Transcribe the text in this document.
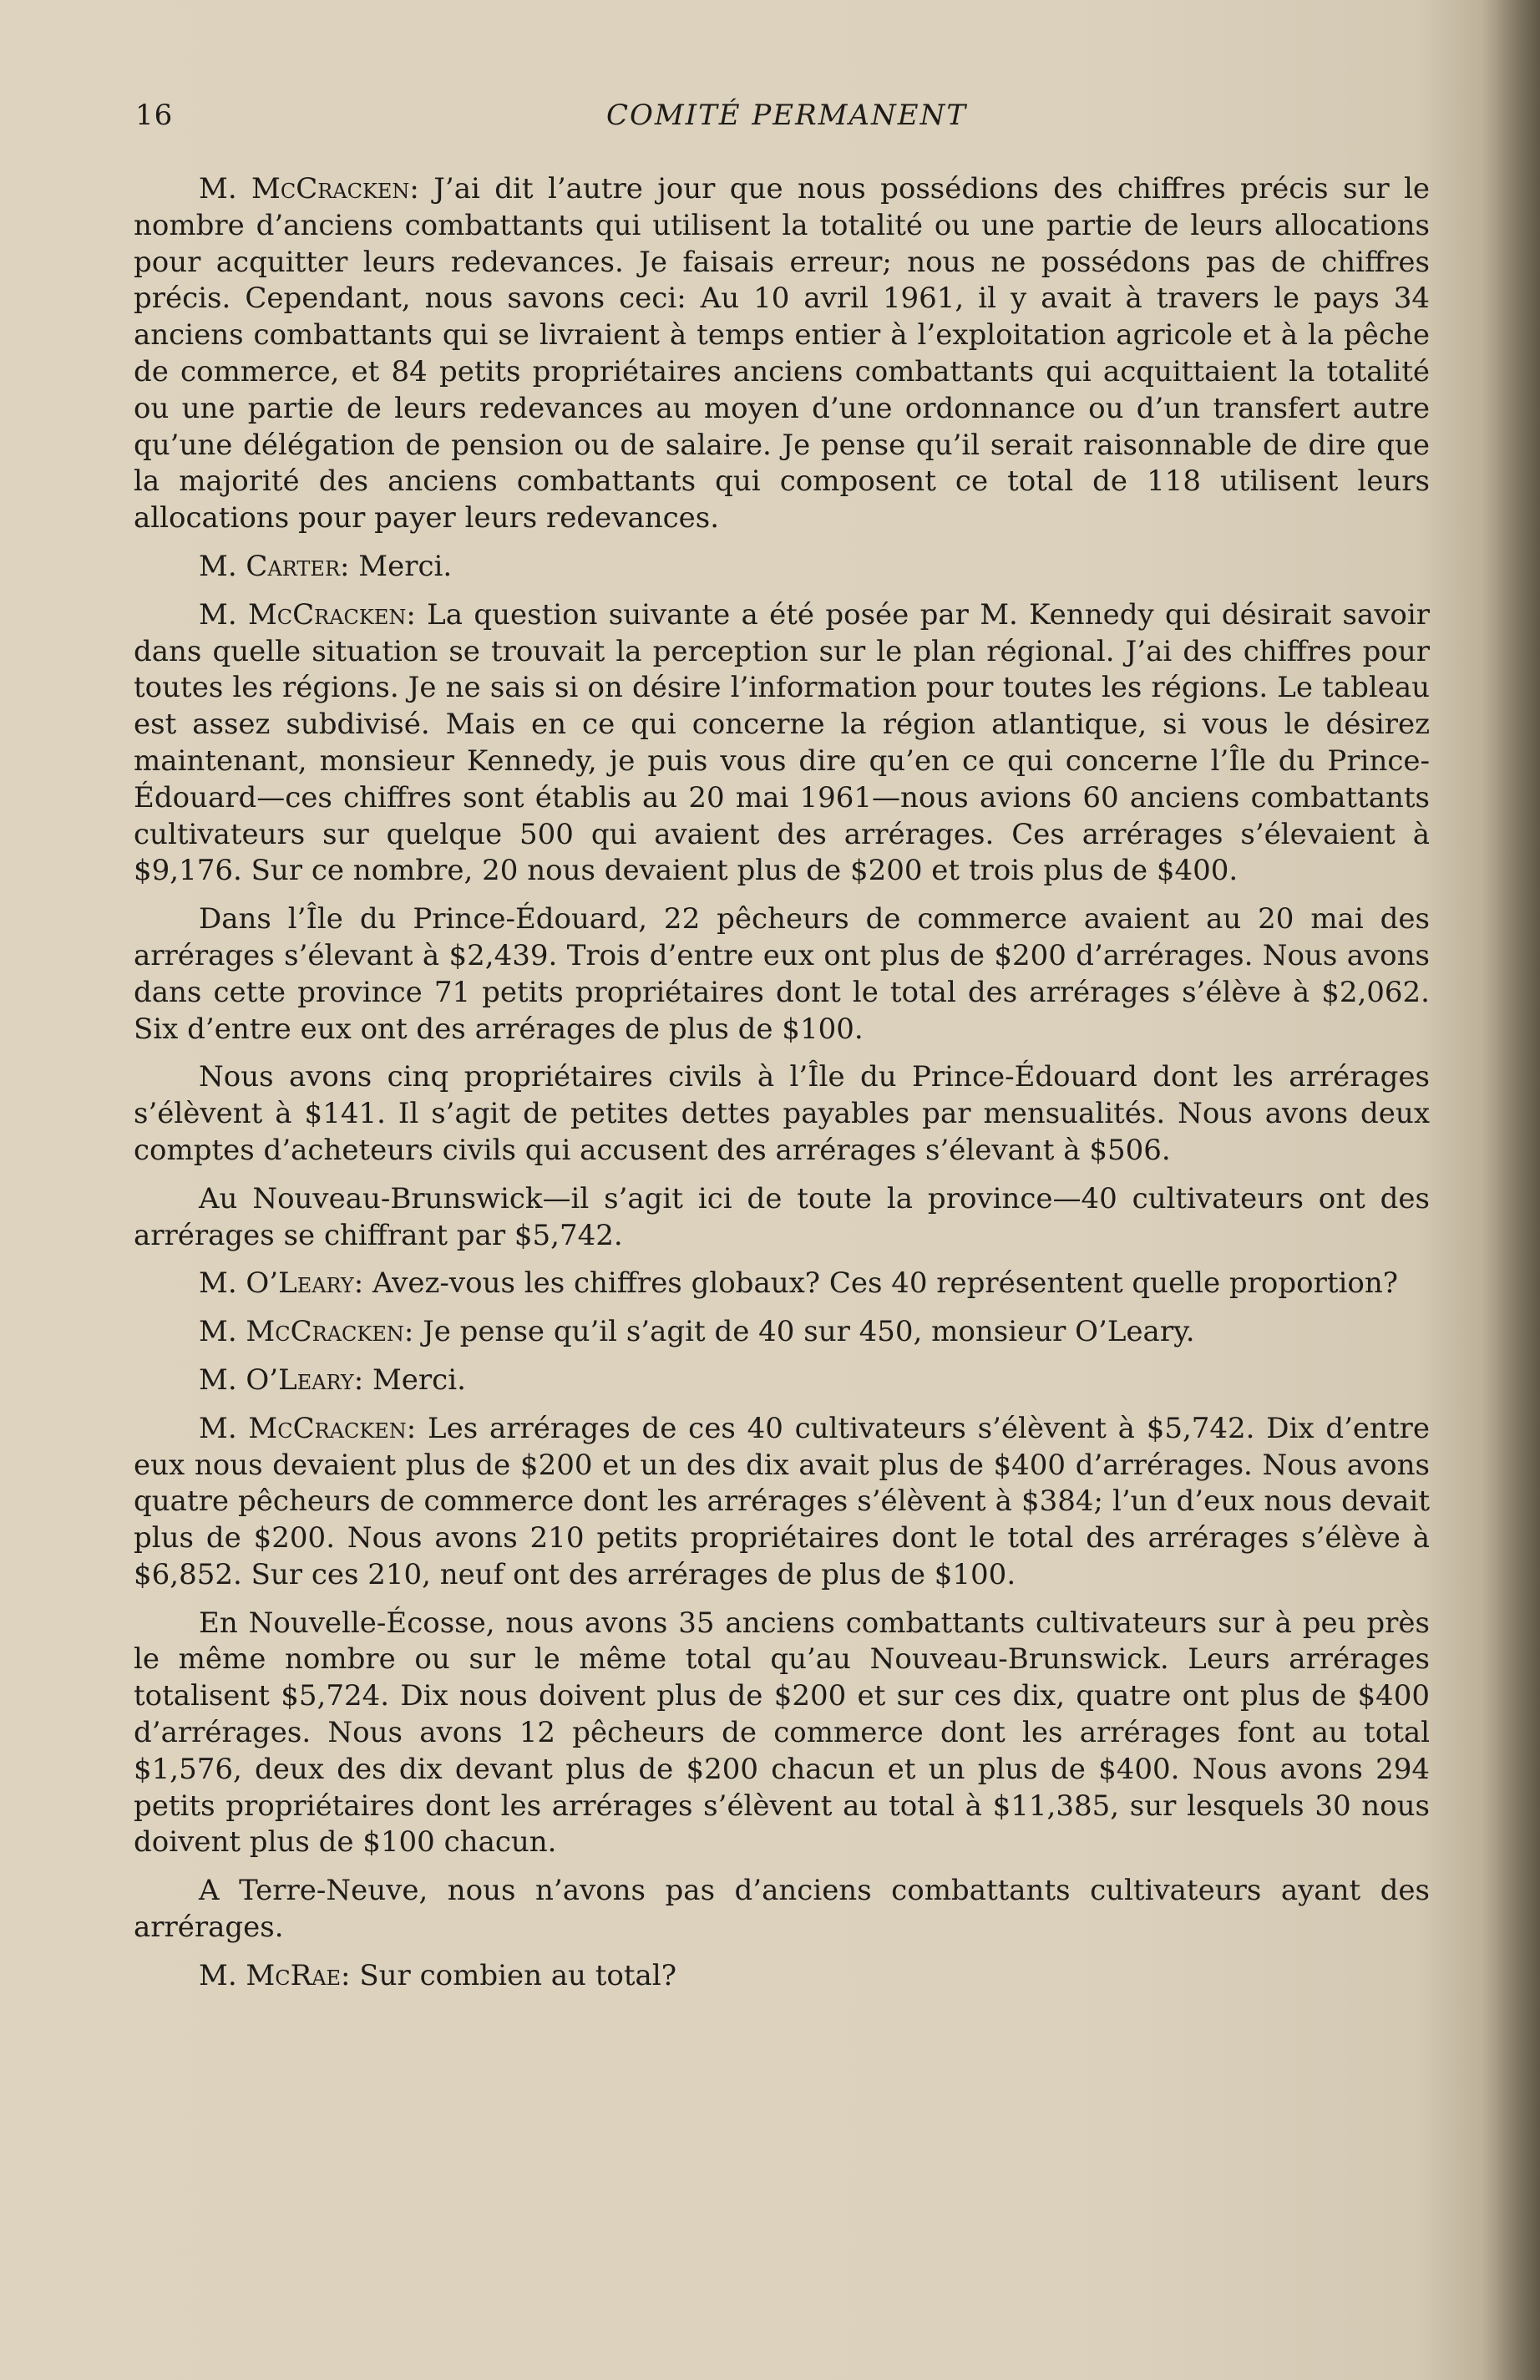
16	COMITÉ PERMANENT

M. McCracken: J’ai dit l’autre jour que nous possédions des chiffres précis sur le nombre d’anciens combattants qui utilisent la totalité ou une partie de leurs allocations pour acquitter leurs redevances. Je faisais erreur; nous ne possédons pas de chiffres précis. Cependant, nous savons ceci: Au 10 avril 1961, il y avait à travers le pays 34 anciens combattants qui se livraient à temps entier à l’exploitation agricole et à la pêche de commerce, et 84 petits propriétaires anciens combattants qui acquittaient la totalité ou une partie de leurs redevances au moyen d’une ordonnance ou d’un transfert autre qu’une délégation de pension ou de salaire. Je pense qu’il serait raisonnable de dire que la majorité des anciens combattants qui composent ce total de 118 utilisent leurs allocations pour payer leurs redevances.

M. Carter: Merci.

M. McCracken: La question suivante a été posée par M. Kennedy qui désirait savoir dans quelle situation se trouvait la perception sur le plan régional. J’ai des chiffres pour toutes les régions. Je ne sais si on désire l’information pour toutes les régions. Le tableau est assez subdivisé. Mais en ce qui concerne la région atlantique, si vous le désirez maintenant, monsieur Kennedy, je puis vous dire qu’en ce qui concerne l’Île du Prince-Édouard—ces chiffres sont établis au 20 mai 1961—nous avions 60 anciens combattants cultivateurs sur quelque 500 qui avaient des arrérages. Ces arrérages s’élevaient à $9,176. Sur ce nombre, 20 nous devaient plus de $200 et trois plus de $400.

Dans l’Île du Prince-Édouard, 22 pêcheurs de commerce avaient au 20 mai des arrérages s’élevant à $2,439. Trois d’entre eux ont plus de $200 d’arrérages. Nous avons dans cette province 71 petits propriétaires dont le total des arrérages s’élève à $2,062. Six d’entre eux ont des arrérages de plus de $100.

Nous avons cinq propriétaires civils à l’Île du Prince-Édouard dont les arrérages s’élèvent à $141. Il s’agit de petites dettes payables par mensualités. Nous avons deux comptes d’acheteurs civils qui accusent des arrérages s’élevant à $506.

Au Nouveau-Brunswick—il s’agit ici de toute la province—40 cultivateurs ont des arrérages se chiffrant par $5,742.

M. O’Leary: Avez-vous les chiffres globaux? Ces 40 représentent quelle proportion?

M. McCracken: Je pense qu’il s’agit de 40 sur 450, monsieur O’Leary.

M. O’Leary: Merci.

M. McCracken: Les arrérages de ces 40 cultivateurs s’élèvent à $5,742. Dix d’entre eux nous devaient plus de $200 et un des dix avait plus de $400 d’arrérages. Nous avons quatre pêcheurs de commerce dont les arrérages s’élèvent à $384; l’un d’eux nous devait plus de $200. Nous avons 210 petits propriétaires dont le total des arrérages s’élève à $6,852. Sur ces 210, neuf ont des arrérages de plus de $100.

En Nouvelle-Écosse, nous avons 35 anciens combattants cultivateurs sur à peu près le même nombre ou sur le même total qu’au Nouveau-Brunswick. Leurs arrérages totalisent $5,724. Dix nous doivent plus de $200 et sur ces dix, quatre ont plus de $400 d’arrérages. Nous avons 12 pêcheurs de commerce dont les arrérages font au total $1,576, deux des dix devant plus de $200 chacun et un plus de $400. Nous avons 294 petits propriétaires dont les arrérages s’élèvent au total à $11,385, sur lesquels 30 nous doivent plus de $100 chacun.

A Terre-Neuve, nous n’avons pas d’anciens combattants cultivateurs ayant des arrérages.

M. McRae: Sur combien au total?
